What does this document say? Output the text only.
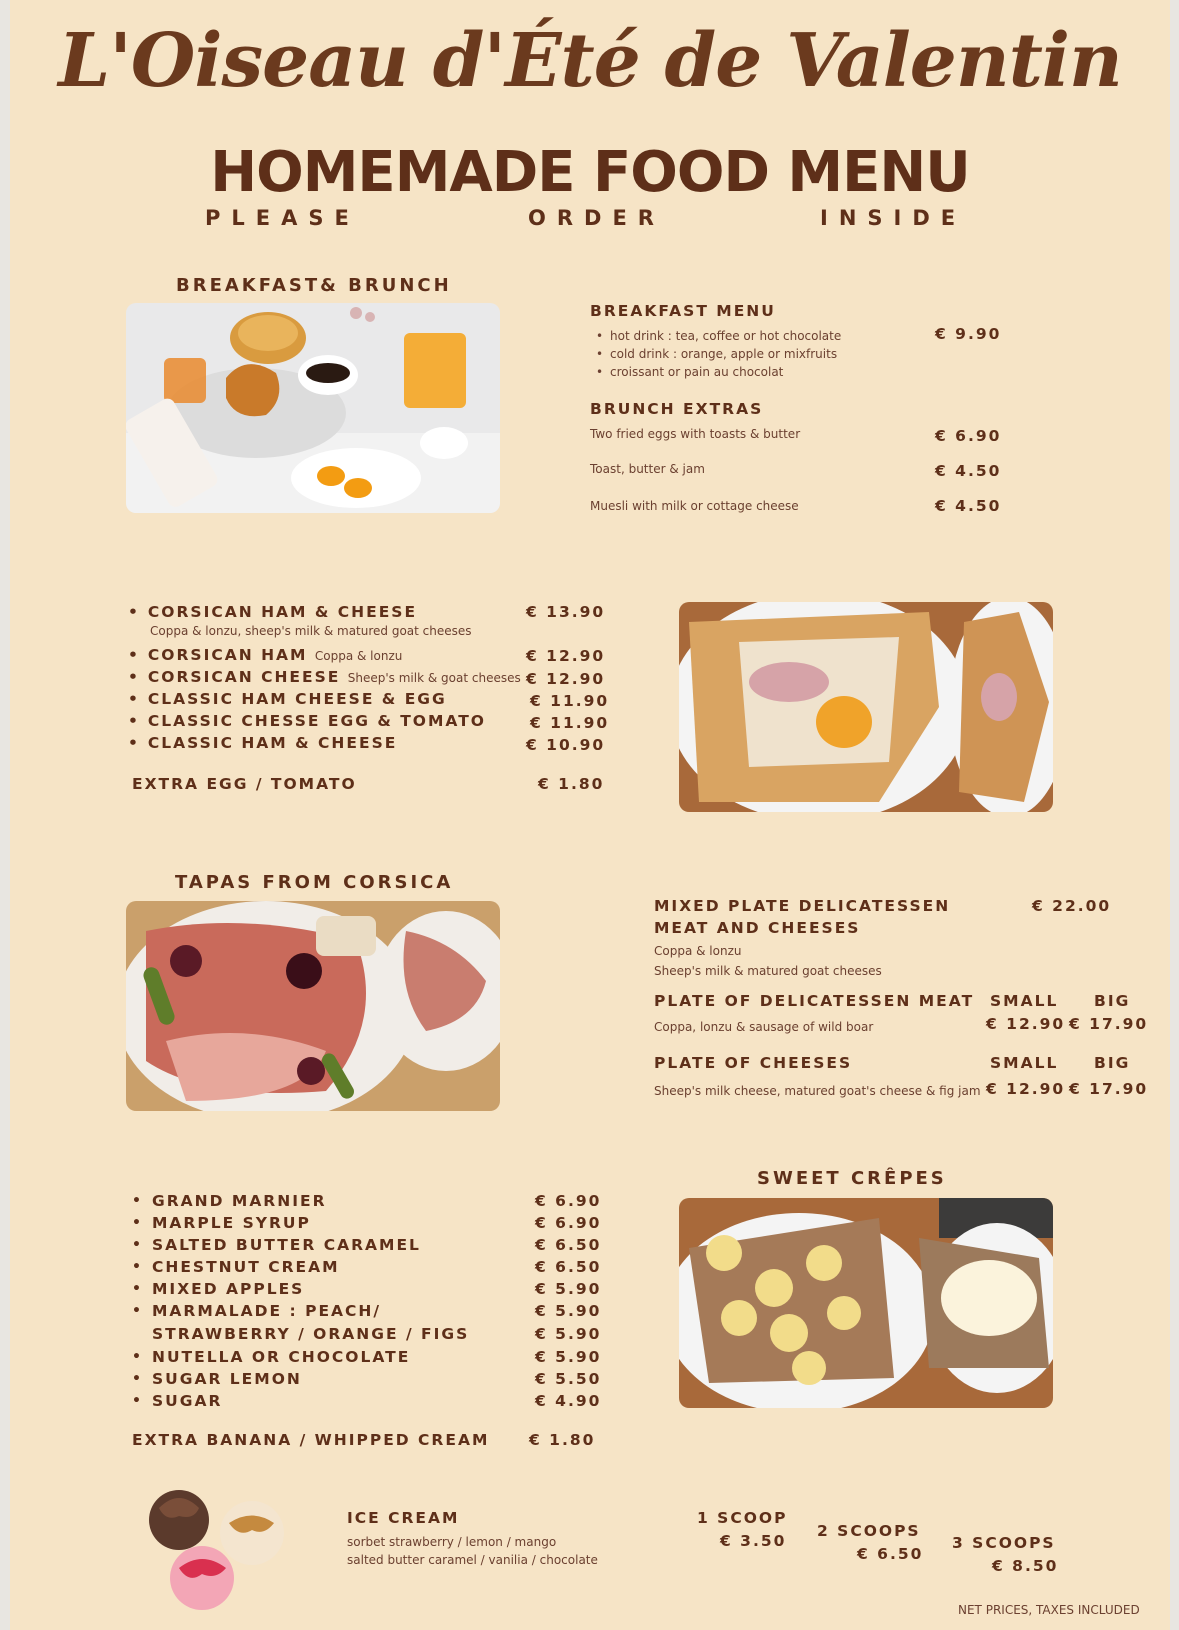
L'Oiseau d'Été de Valentin
HOMEMADE FOOD MENU
PLEASE	ORDER	INSIDE
BREAKFAST& BRUNCH
BREAKFAST MENU
• hot drink : tea, coffee or hot chocolate
• cold drink : orange, apple or mixfruits
• croissant or pain au chocolat
€ 9.90
BRUNCH EXTRAS
Two fried eggs with toasts & butter	€ 6.90
Toast, butter & jam	€ 4.50
Muesli with milk or cottage cheese	€ 4.50
• CORSICAN HAM & CHEESE	€ 13.90
Coppa & lonzu, sheep's milk & matured goat cheeses
• CORSICAN HAM Coppa & lonzu	€ 12.90
• CORSICAN CHEESE Sheep's milk & goat cheeses € 12.90
• CLASSIC HAM CHEESE & EGG	€ 11.90
• CLASSIC CHESSE EGG & TOMATO	€ 11.90
• CLASSIC HAM & CHEESE	€ 10.90
EXTRA EGG / TOMATO	€ 1.80
TAPAS FROM CORSICA
MIXED PLATE DELICATESSEN
MEAT AND CHEESES
€ 22.00
Coppa & lonzu
Sheep's milk & matured goat cheeses
PLATE OF DELICATESSEN MEAT SMALL BIG
Coppa, lonzu & sausage of wild boar	€ 12.90 € 17.90
PLATE OF CHEESES	SMALL BIG
Sheep's milk cheese, matured goat's cheese & fig jam € 12.90 € 17.90
SWEET CRÊPES
• GRAND MARNIER	€ 6.90
• MARPLE SYRUP	€ 6.90
• SALTED BUTTER CARAMEL	€ 6.50
• CHESTNUT CREAM	€ 6.50
• MIXED APPLES	€ 5.90
• MARMALADE : PEACH/	€ 5.90
STRAWBERRY / ORANGE / FIGS	€ 5.90
• NUTELLA OR CHOCOLATE	€ 5.90
• SUGAR LEMON	€ 5.50
• SUGAR	€ 4.90
EXTRA BANANA / WHIPPED CREAM	€ 1.80
ICE CREAM
sorbet strawberry / lemon / mango
salted butter caramel / vanilia / chocolate
1 SCOOP
€ 3.50
2 SCOOPS
€ 6.50
3 SCOOPS
€ 8.50
NET PRICES, TAXES INCLUDED
